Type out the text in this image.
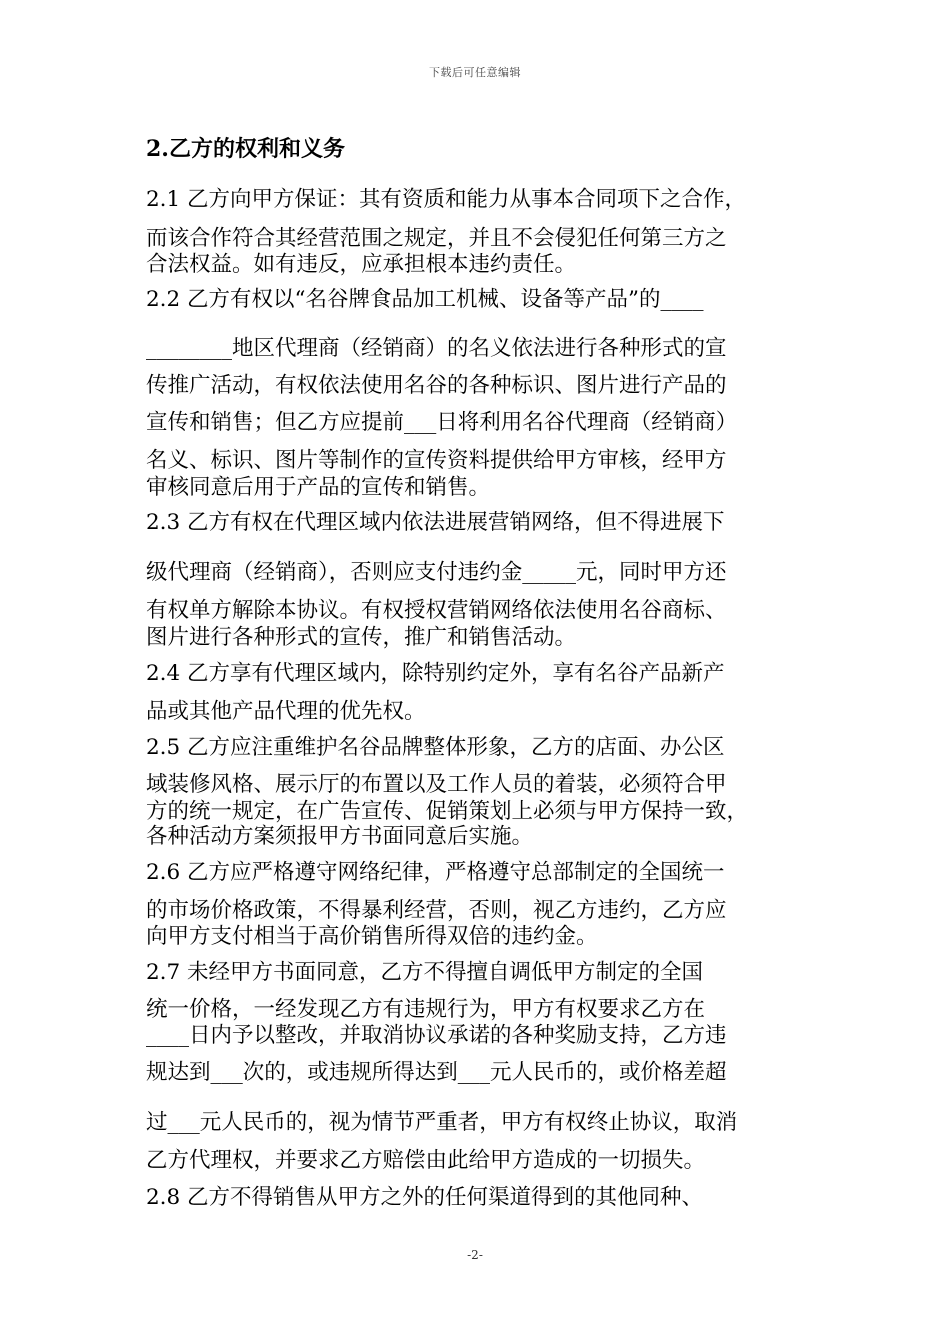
下载后可任意编辑
2.乙方的权利和义务
2.1 乙方向甲方保证：其有资质和能力从事本合同项下之合作，
而该合作符合其经营范围之规定，并且不会侵犯任何第三方之
合法权益。如有违反，应承担根本违约责任。
2.2 乙方有权以“名谷牌食品加工机械、设备等产品”的____
________地区代理商（经销商）的名义依法进行各种形式的宣
传推广活动，有权依法使用名谷的各种标识、图片进行产品的
宣传和销售；但乙方应提前___日将利用名谷代理商（经销商）
名义、标识、图片等制作的宣传资料提供给甲方审核，经甲方
审核同意后用于产品的宣传和销售。
2.3 乙方有权在代理区域内依法进展营销网络，但不得进展下
级代理商（经销商），否则应支付违约金_____元，同时甲方还
有权单方解除本协议。有权授权营销网络依法使用名谷商标、
图片进行各种形式的宣传，推广和销售活动。
2.4 乙方享有代理区域内，除特别约定外，享有名谷产品新产
品或其他产品代理的优先权。
2.5 乙方应注重维护名谷品牌整体形象，乙方的店面、办公区
域装修风格、展示厅的布置以及工作人员的着装，必须符合甲
方的统一规定，在广告宣传、促销策划上必须与甲方保持一致，
各种活动方案须报甲方书面同意后实施。
2.6 乙方应严格遵守网络纪律，严格遵守总部制定的全国统一
的市场价格政策，不得暴利经营，否则，视乙方违约，乙方应
向甲方支付相当于高价销售所得双倍的违约金。
2.7 未经甲方书面同意，乙方不得擅自调低甲方制定的全国
统一价格，一经发现乙方有违规行为，甲方有权要求乙方在
____日内予以整改，并取消协议承诺的各种奖励支持，乙方违
规达到___次的，或违规所得达到___元人民币的，或价格差超
过___元人民币的，视为情节严重者，甲方有权终止协议，取消
乙方代理权，并要求乙方赔偿由此给甲方造成的一切损失。
2.8 乙方不得销售从甲方之外的任何渠道得到的其他同种、
-2-
